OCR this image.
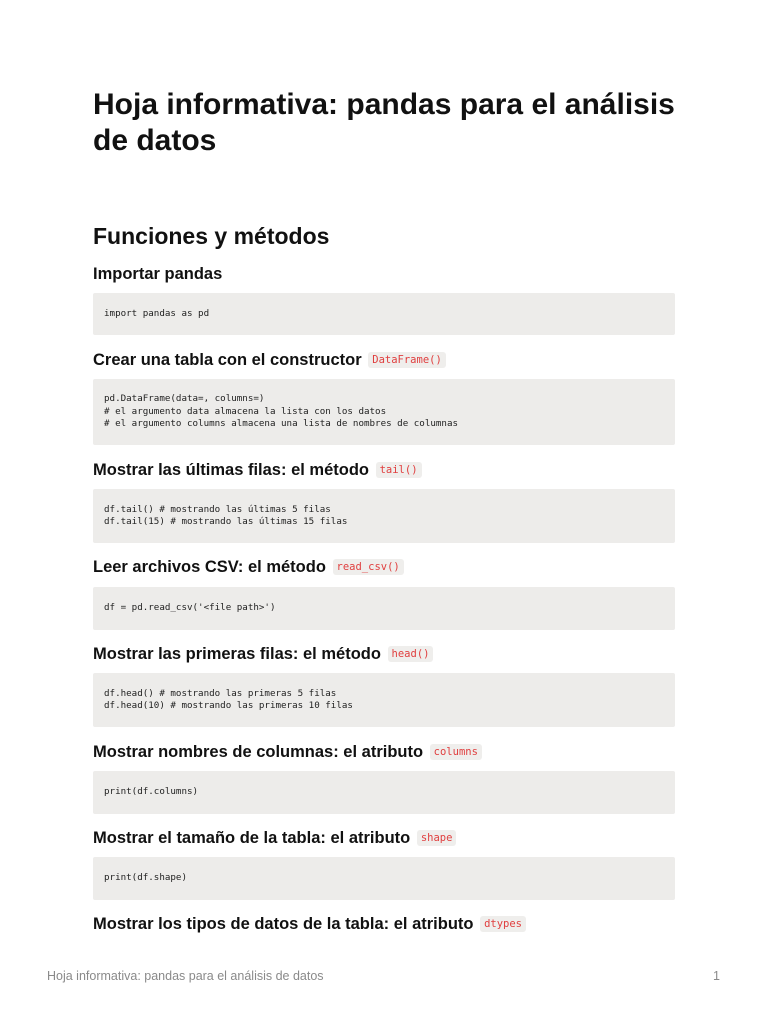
Hoja informativa: pandas para el análisis de datos
Funciones y métodos
Importar pandas
import pandas as pd
Crear una tabla con el constructor DataFrame()
pd.DataFrame(data=, columns=)
# el argumento data almacena la lista con los datos
# el argumento columns almacena una lista de nombres de columnas
Mostrar las últimas filas: el método tail()
df.tail() # mostrando las últimas 5 filas
df.tail(15) # mostrando las últimas 15 filas
Leer archivos CSV: el método read_csv()
df = pd.read_csv('<file path>')
Mostrar las primeras filas: el método head()
df.head() # mostrando las primeras 5 filas
df.head(10) # mostrando las primeras 10 filas
Mostrar nombres de columnas: el atributo columns
print(df.columns)
Mostrar el tamaño de la tabla: el atributo shape
print(df.shape)
Mostrar los tipos de datos de la tabla: el atributo dtypes
Hoja informativa: pandas para el análisis de datos	1
